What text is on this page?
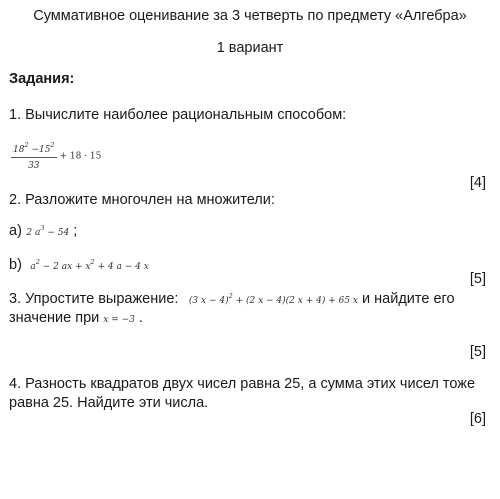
Суммативное оценивание за 3 четверть по предмету «Алгебра»
1 вариант
Задания:
1. Вычислите наиболее рациональным способом:
$\frac{18^2 -15^2}{33} + 18 \cdot 15$
[4]
2. Разложите многочлен на множители:
а) 2 $a^3 - 54$ ;
b) $a^2 - 2$ ax + $x^2 + 4$ a − 4 x
[5]
3. Упростите выражение: (3 x − 4)$^2$ + (2 x − 4)(2 x + 4) + 65 x и найдите его
значение при x = −3 .
[5]
4. Разность квадратов двух чисел равна 25, а сумма этих чисел тоже
равна 25. Найдите эти числа.
[6]
